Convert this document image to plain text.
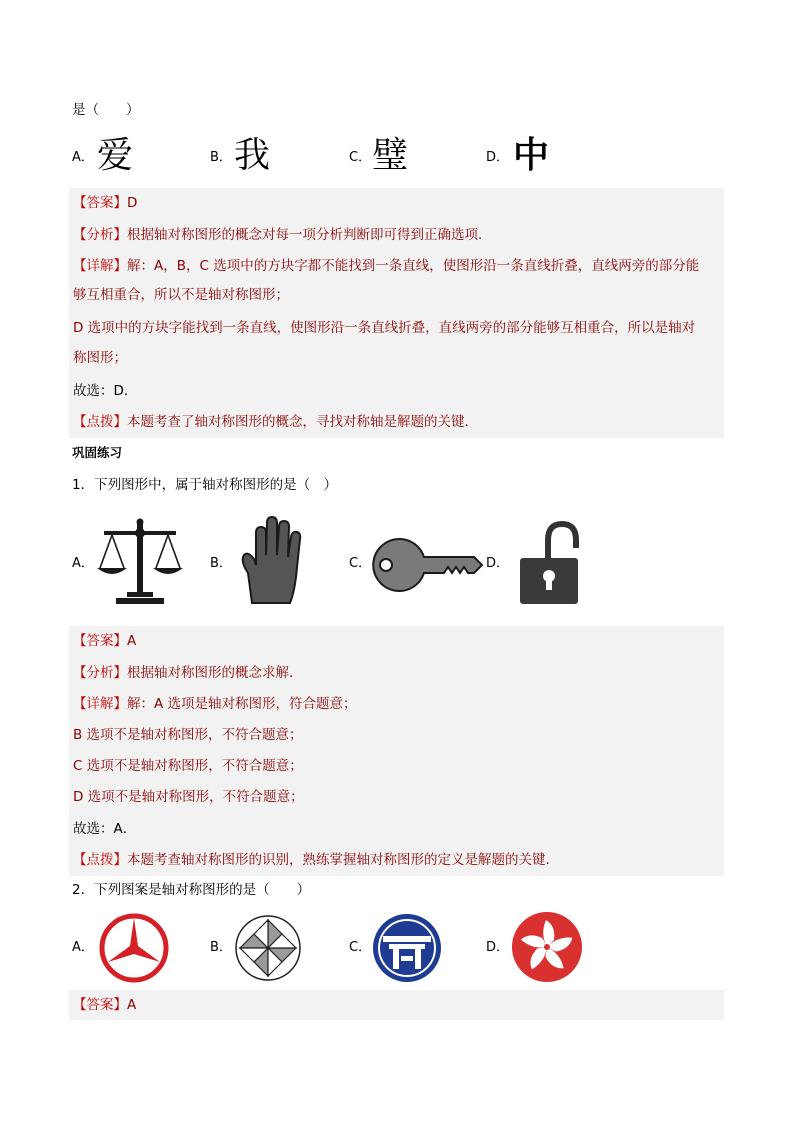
是（　　）
A． 爱	B． 我	C． 璧	D． 中
【答案】D
【分析】根据轴对称图形的概念对每一项分析判断即可得到正确选项．
【详解】解：A，B，C 选项中的方块字都不能找到一条直线，使图形沿一条直线折叠，直线两旁的部分能
够互相重合，所以不是轴对称图形；
D 选项中的方块字能找到一条直线，使图形沿一条直线折叠，直线两旁的部分能够互相重合，所以是轴对
称图形；
故选：D．
【点拨】本题考查了轴对称图形的概念，寻找对称轴是解题的关键．
巩固练习
1．下列图形中，属于轴对称图形的是（　）
A．	B．	C．	D．
【答案】A
【分析】根据轴对称图形的概念求解．
【详解】解：A 选项是轴对称图形，符合题意；
B 选项不是轴对称图形，不符合题意；
C 选项不是轴对称图形，不符合题意；
D 选项不是轴对称图形，不符合题意；
故选：A．
【点拨】本题考查轴对称图形的识别，熟练掌握轴对称图形的定义是解题的关键．
2．下列图案是轴对称图形的是（　　）
A．	B．	C．	D．
【答案】A
